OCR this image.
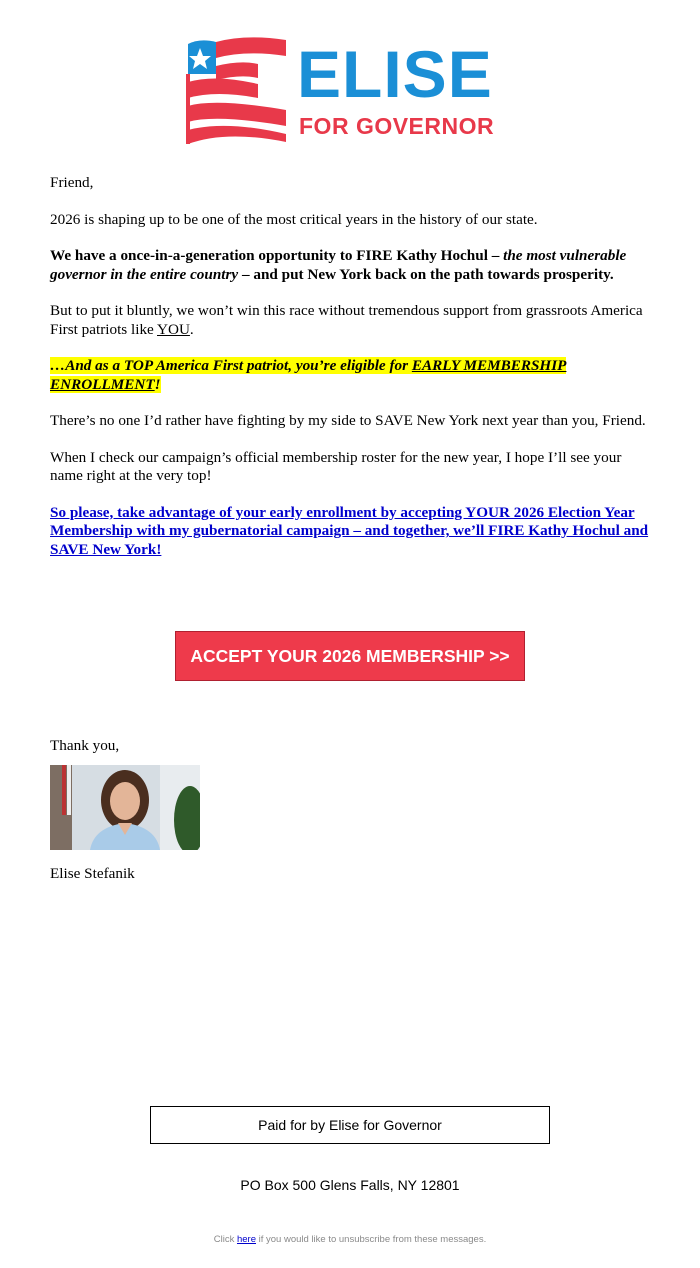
ELISE
FOR GOVERNOR

Friend,

2026 is shaping up to be one of the most critical years in the history of our state.

We have a once-in-a-generation opportunity to FIRE Kathy Hochul – the most vulnerable governor in the entire country – and put New York back on the path towards prosperity.

But to put it bluntly, we won’t win this race without tremendous support from grassroots America First patriots like YOU.

…And as a TOP America First patriot, you’re eligible for EARLY MEMBERSHIP ENROLLMENT!

There’s no one I’d rather have fighting by my side to SAVE New York next year than you, Friend.

When I check our campaign’s official membership roster for the new year, I hope I’ll see your name right at the very top!

So please, take advantage of your early enrollment by accepting YOUR 2026 Election Year Membership with my gubernatorial campaign – and together, we’ll FIRE Kathy Hochul and SAVE New York!

ACCEPT YOUR 2026 MEMBERSHIP >>
Thank you,
Elise Stefanik
Paid for by Elise for Governor
PO Box 500 Glens Falls, NY 12801
Click here if you would like to unsubscribe from these messages.
